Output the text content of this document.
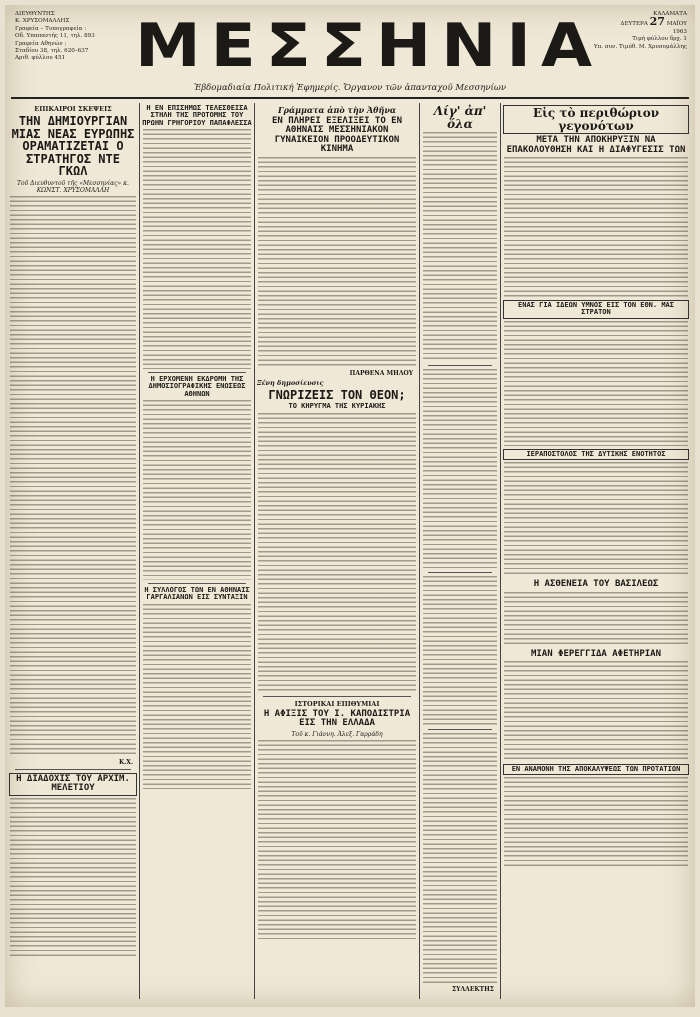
ΔΙΕΥΘΥΝΤΗΣ
Κ. ΧΡΥΣΟΜΑΛΛΗΣ
Γραφεία – Τυπογραφεία :
Οδ. Υπαπαντής 11, τηλ. 893
Γραφεία Αθηνών :
Σταδίου 38, τηλ. 620–637
Αριθ. φύλλου 451	ΜΕΣΣΗΝΙΑ
Ἐβδομαδιαία Πολιτική Ἐφημερίς. Ὄργανον τῶν ἀπανταχοῦ Μεσσηνίων
ΚΑΛΑΜΑΤΑ
ΔΕΥΤΕΡΑ 27 ΜΑΪΟΥ
1963
Τιμή φύλλου δρχ. 1
Υπ. συν. Τιμόθ. Μ. Χρυσομάλλης
ΕΠΙΚΑΙΡΟΙ ΣΚΕΨΕΙΣ
ΤΗΝ ΔΗΜΙΟΥΡΓΙΑΝ ΜΙΑΣ ΝΕΑΣ ΕΥΡΩΠΗΣ ΟΡΑΜΑΤΙΖΕΤΑΙ Ο ΣΤΡΑΤΗΓΟΣ ΝΤΕ ΓΚΩΛ
Τοῦ Διευθυντοῦ τῆς «Μεσσηνίας» κ. ΚΩΝΣΤ. ΧΡΥΣΟΜΑΛΛΗ
Κ.Χ.
Η ΔΙΑΔΟΧΙΣ ΤΟΥ ΑΡΧΙΜ. ΜΕΛΕΤΙΟΥ
Η ΕΝ ΕΠΙΣΗΜΩΣ ΤΕΛΕΣΘΕΙΣΑ ΣΤΗΛΗ ΤΗΣ ΠΡΟΤΟΜΗΣ ΤΟΥ ΠΡΩΗΝ ΓΡΗΓΟΡΙΟΥ ΠΑΠΑΦΛΕΣΣΑ
Η ΕΡΧΟΜΕΝΗ ΕΚΔΡΟΜΗ ΤΗΣ ΔΗΜΟΣΙΟΓΡΑΦΙΚΗΣ ΕΝΩΣΕΩΣ ΑΘΗΝΩΝ
Η ΣΥΛΛΟΓΟΣ ΤΩΝ ΕΝ ΑΘΗΝΑΙΣ ΓΑΡΓΑΛΙΑΝΩΝ ΕΙΣ ΣΥΝΤΑΞΙΝ
Γράμματα ἀπὸ τὴν Ἀθῆνα
ΕΝ ΠΛΗΡΕΙ ΕΞΕΛΙΞΕΙ ΤΟ ΕΝ ΑΘΗΝΑΙΣ ΜΕΣΣΗΝΙΑΚΟΝ ΓΥΝΑΙΚΕΙΟΝ ΠΡΟΟΔΕΥΤΙΚΟΝ ΚΙΝΗΜΑ
ΠΑΡΘΕΝΑ ΜΗΛΟΥ
Ξένη δημοσίευσις
ΓΝΩΡΙΖΕΙΣ ΤΟΝ ΘΕΟΝ;
ΤΟ ΚΗΡΥΓΜΑ ΤΗΣ ΚΥΡΙΑΚΗΣ
ΙΣΤΟΡΙΚΑΙ ΕΠΙΘΥΜΙΑΙ
Η ΑΦΙΞΙΣ ΤΟΥ Ι. ΚΑΠΟΔΙΣΤΡΙΑ ΕΙΣ ΤΗΝ ΕΛΛΑΔΑ
Τοῦ κ. Γιάννη. Ἀλεξ. Γαρράδη
Λίγ' ἀπ' ὅλα
ΣΥΛΛΕΚΤΗΣ
Εἰς τὸ περιθώριον γεγονότων
ΜΕΤΑ ΤΗΝ ΑΠΟΚΗΡΥΞΙΝ ΝΑ ΕΠΑΚΟΛΟΥΘΗΣΗ ΚΑΙ Η ΔΙΑΦΥΓΕΣΙΣ ΤΩΝ
ΕΝΑΣ ΓΙΑ ΙΔΕΩΝ ΥΜΝΟΣ ΕΙΣ ΤΟΝ ΕΘΝ. ΜΑΣ ΣΤΡΑΤΟΝ
ΙΕΡΑΠΟΣΤΟΛΟΣ ΤΗΣ ΔΥΤΙΚΗΣ ΕΝΟΤΗΤΟΣ
Η ΑΣΘΕΝΕΙΑ ΤΟΥ ΒΑΣΙΛΕΩΣ
ΜΙΑΝ ΦΕΡΕΓΓΙΔΑ ΑΦΕΤΗΡΙΑΝ
ΕΝ ΑΝΑΜΟΝΗ ΤΗΣ ΑΠΟΚΑΛΥΨΕΩΣ ΤΩΝ ΠΡΟΤΑΤΙΩΝ
